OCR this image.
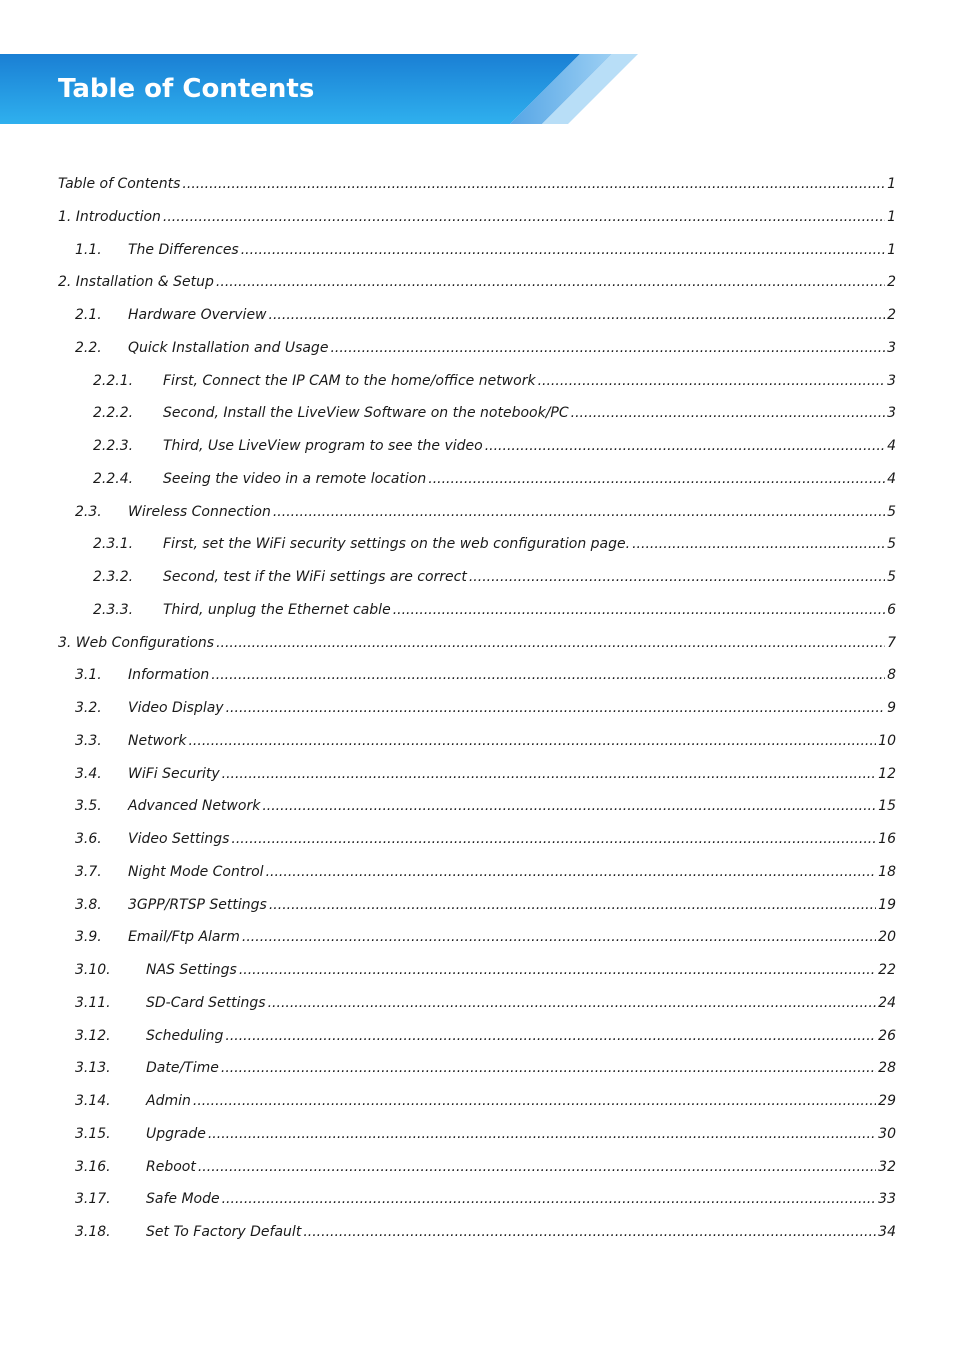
Table of Contents
Table of Contents .....	1
1. Introduction .....	1
1.1. The Differences .....	1
2. Installation & Setup .....	2
2.1. Hardware Overview .....	2
2.2. Quick Installation and Usage .....	3
2.2.1. First, Connect the IP CAM to the home/office network .....	3
2.2.2. Second, Install the LiveView Software on the notebook/PC .....	3
2.2.3. Third, Use LiveView program to see the video .....	4
2.2.4. Seeing the video in a remote location .....	4
2.3. Wireless Connection .....	5
2.3.1. First, set the WiFi security settings on the web configuration page. .....	5
2.3.2. Second, test if the WiFi settings are correct .....	5
2.3.3. Third, unplug the Ethernet cable .....	6
3. Web Configurations .....	7
3.1. Information .....	8
3.2. Video Display .....	9
3.3. Network .....	10
3.4. WiFi Security .....	12
3.5. Advanced Network .....	15
3.6. Video Settings .....	16
3.7. Night Mode Control .....	18
3.8. 3GPP/RTSP Settings .....	19
3.9. Email/Ftp Alarm .....	20
3.10.	NAS Settings .....	22
3.11.	SD-Card Settings .....	24
3.12.	Scheduling .....	26
3.13.	Date/Time .....	28
3.14.	Admin .....	29
3.15.	Upgrade .....	30
3.16.	Reboot .....	32
3.17.	Safe Mode .....	33
3.18.	Set To Factory Default .....	34
